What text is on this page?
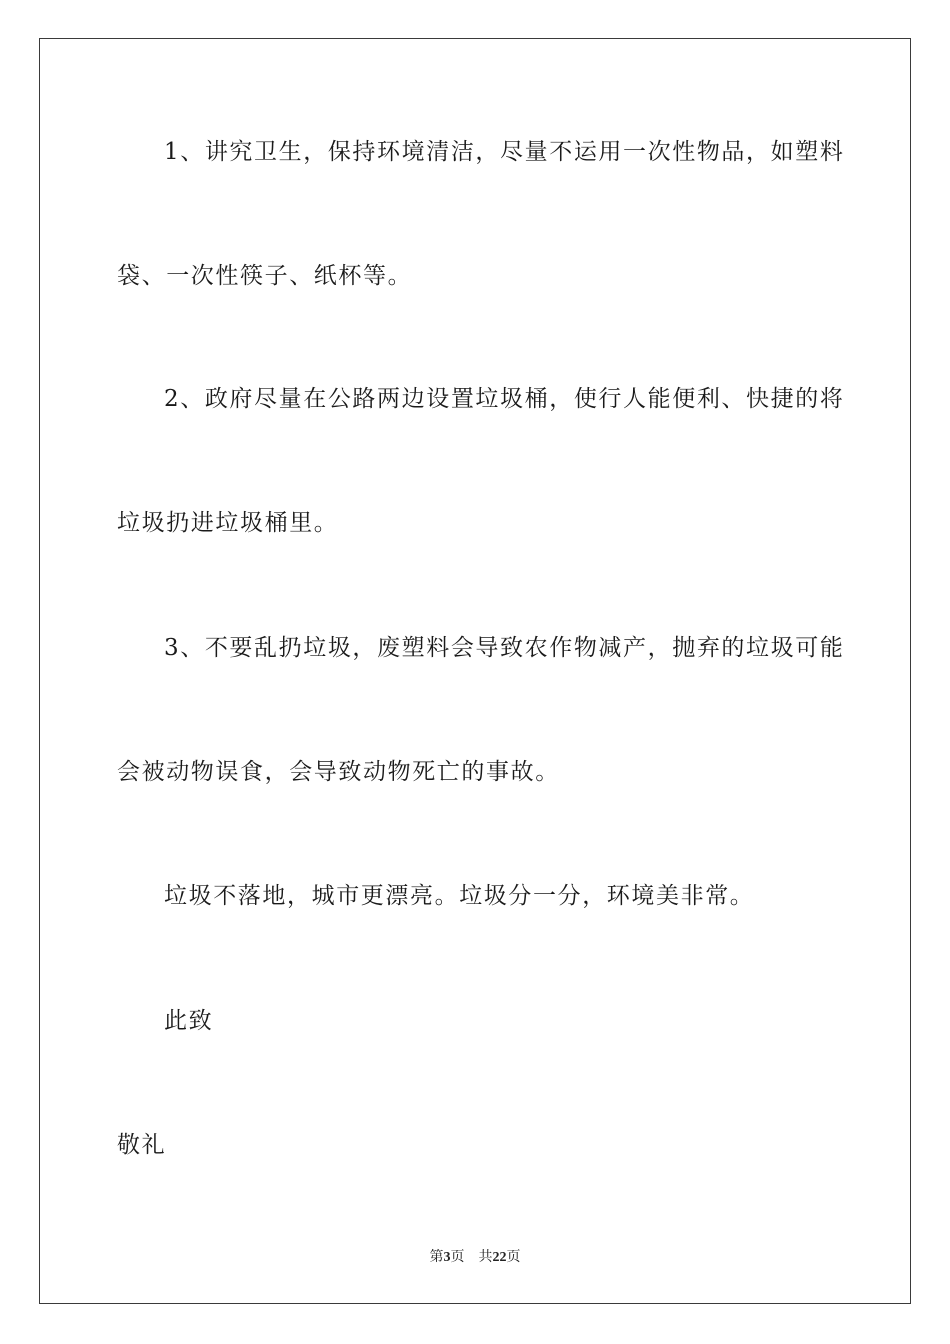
1、讲究卫生，保持环境清洁，尽量不运用一次性物品，如塑料
袋、一次性筷子、纸杯等。
2、政府尽量在公路两边设置垃圾桶，使行人能便利、快捷的将
垃圾扔进垃圾桶里。
3、不要乱扔垃圾，废塑料会导致农作物减产，抛弃的垃圾可能
会被动物误食，会导致动物死亡的事故。
垃圾不落地，城市更漂亮。垃圾分一分，环境美非常。
此致
敬礼
第3页 共22页
